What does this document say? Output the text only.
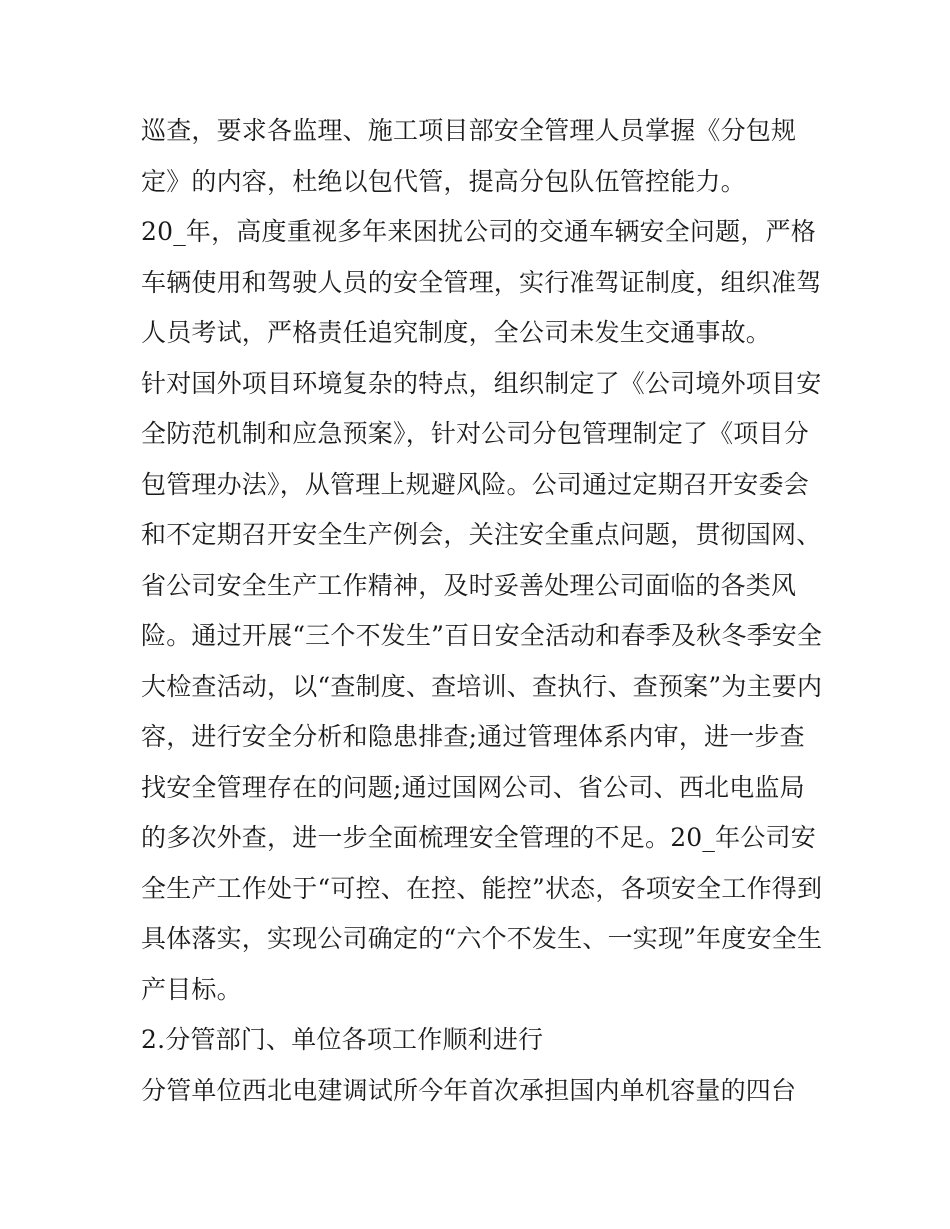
巡查，要求各监理、施工项目部安全管理人员掌握《分包规
定》的内容，杜绝以包代管，提高分包队伍管控能力。
20_年，高度重视多年来困扰公司的交通车辆安全问题，严格
车辆使用和驾驶人员的安全管理，实行准驾证制度，组织准驾
人员考试，严格责任追究制度，全公司未发生交通事故。
针对国外项目环境复杂的特点，组织制定了《公司境外项目安
全防范机制和应急预案》，针对公司分包管理制定了《项目分
包管理办法》，从管理上规避风险。公司通过定期召开安委会
和不定期召开安全生产例会，关注安全重点问题，贯彻国网、
省公司安全生产工作精神，及时妥善处理公司面临的各类风
险。通过开展“三个不发生”百日安全活动和春季及秋冬季安全
大检查活动，以“查制度、查培训、查执行、查预案”为主要内
容，进行安全分析和隐患排查;通过管理体系内审，进一步查
找安全管理存在的问题;通过国网公司、省公司、西北电监局
的多次外查，进一步全面梳理安全管理的不足。20_年公司安
全生产工作处于“可控、在控、能控”状态，各项安全工作得到
具体落实，实现公司确定的“六个不发生、一实现”年度安全生
产目标。
2.分管部门、单位各项工作顺利进行
分管单位西北电建调试所今年首次承担国内单机容量的四台
